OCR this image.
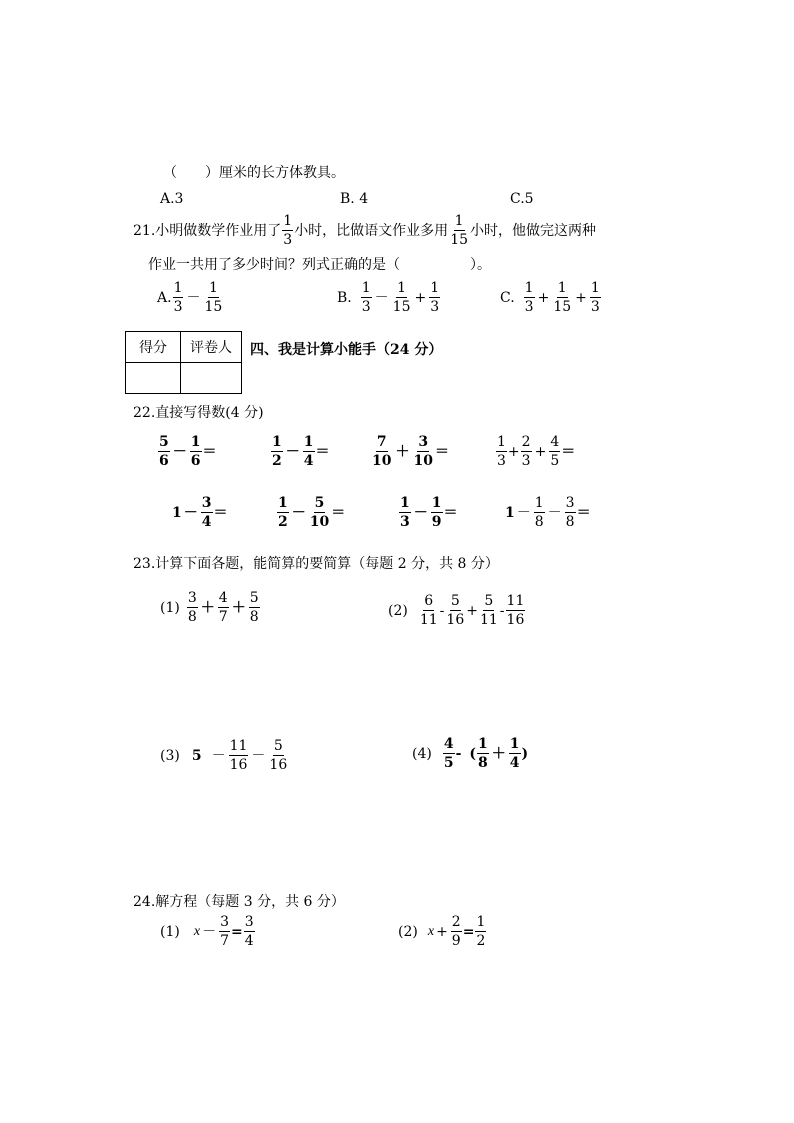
（　　）厘米的长方体教具。
A.3	B. 4	C.5
21. 小明做数学作业用了 $\frac{1}{3}$ 小时，比做语文作业多用 $\frac{1}{15}$ 小时，他做完这两种
作业一共用了多少时间？列式正确的是（　　　　　）。
A. $\frac{1}{3} - \frac{1}{15}$	B. $\frac{1}{3} - \frac{1}{15} + \frac{1}{3}$	C. $\frac{1}{3} + \frac{1}{15} + \frac{1}{3}$
得分	评卷人
	四、我是计算小能手（24 分）
22.直接写得数(4 分)
$\frac{5}{6} - \frac{1}{6}$ ＝	$\frac{1}{2} - \frac{1}{4}$ ＝	$\frac{7}{10} + \frac{3}{10}$ ＝	$\frac{1}{3} + \frac{2}{3} + \frac{4}{5}$ ＝
$1 - \frac{3}{4}$ ＝	$\frac{1}{2} - \frac{5}{10}$ ＝	$\frac{1}{3} - \frac{1}{9}$ ＝	$1 - \frac{1}{8} - \frac{3}{8}$ ＝
23.计算下面各题，能简算的要简算（每题 2 分，共 8 分）
$(1) \frac{3}{8} + \frac{4}{7} + \frac{5}{8}$	$(2) \frac{6}{11} - \frac{5}{16} + \frac{5}{11} - \frac{11}{16}$
(3) $5 - \frac{11}{16} - \frac{5}{16}$	$(4) \frac{4}{5}$ - ( $\frac{1}{8} + \frac{1}{4}$ )
24.解方程（每题 3 分，共 6 分）
(1) $x - \frac{3}{7} = \frac{3}{4}$	(2) $x + \frac{2}{9} = \frac{1}{2}$
